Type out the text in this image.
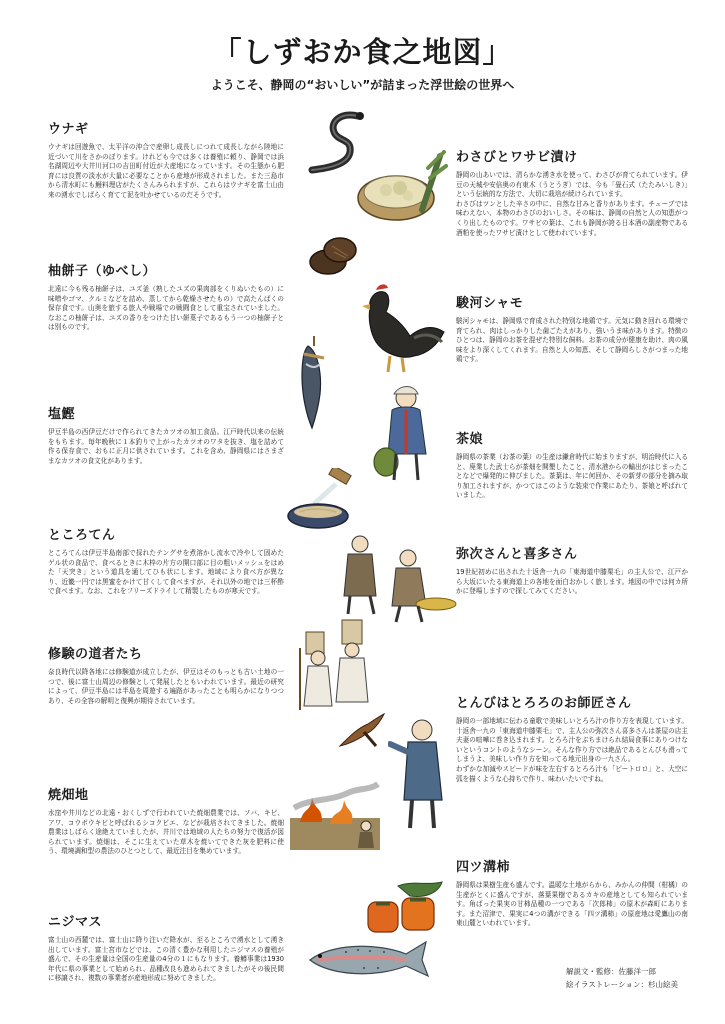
「しずおか食之地図」
ようこそ、静岡の“おいしい”が詰まった浮世絵の世界へ
ウナギ

ウナギは回遊魚で、太平洋の沖合で産卵し成長しにつれて成長しながら陸地に近づいて川をさかのぼります。けれども今では多くは養殖に頼り、静岡では浜名湖周辺や大井川河口の吉田町付近が大産地になっています。その生態から肥育には良質の淡水が大量に必要なことから産地が形成されました。また三島市から清水町にも鰻料理店がたくさんみられますが、これらはウナギを富士山由来の湧水でしばらく育てて泥を吐かせているのだそうです。

柚餅子（ゆべし）

北遠に今も残る柚餅子は、ユズ釜（熟したユズの果肉部をくりぬいたもの）に味噌やゴマ、クルミなどを詰め、蒸してから乾燥させたもの）で高たんぱくの保存食です。山奥を旅する旅人や戦場での戦闘食として重宝されていました。なおこの柚餅子は、ユズの香りをつけた甘い餅菓子であるもう一つの柚餅子とは別ものです。

塩鰹

伊豆半島の西伊豆だけで作られてきたカツオの加工食品。江戸時代以来の伝統をもちます。毎年晩秋に１本釣りで上がったカツオのワタを抜き、塩を詰めて作る保存食で、おもに正月に供されています。これを含め、静岡県にはさまざまなカツオの食文化があります。

ところてん

ところてんは伊豆半島南部で採れたテングサを煮溶かし流水で冷やして固めたゲル状の食品で、食べるときに木枠の片方の開口部に目の粗いメッシュをはめた「天突き」という道具を通してひも状にします。地域により食べ方が異なり、近畿一円では黒蜜をかけて甘くして食べますが、それ以外の地では三杯酢で食べます。なお、これをフリーズドライして精製したものが寒天です。

修験の道者たち

奈良時代以降各地には修験道が成立したが、伊豆はそのもっとも古い土地の一つで、後に富士山周辺の修験として発展したともいわれています。最近の研究によって、伊豆半島には半島を周遊する遍路があったことも明らかになりつつあり、その全容の解明と復興が期待されています。

焼畑地

水窪や井川などの北遠・おくしずで行われていた焼畑農業では、ソバ、キビ、アワ、コウボウキビと呼ばれるシコクビエ、などが栽培されてきました。焼畑農業はしばらく途絶えていましたが、井川では地域の人たちの努力で復活が図られています。焼畑は、そこに生えていた草木を焼いてできた灰を肥料に使う、環境調和型の農法のひとつとして、最近注目を集めています。

ニジマス

富士山の西麓では、富士山に降り注いだ降水が、至るところで湧水として湧き出しています。富士宮市などでは、この清く豊かな利用したニジマスの養殖が盛んで、その生産量は全国の生産量の4分の１にもなります。養鱒事業は1930年代に県の事業として始められ、品種改良も進められてきましたがその後民間に移譲され、複数の事業者が産地形成に努めてきました。

わさびとワサビ漬け

静岡の山あいでは、清らかな湧き水を使って、わさびが育てられています。伊豆の天城や安倍奥の有東木（うとうぎ）では、今も「畳石式（たたみいしき）」という伝統的な方法で、大切に栽培が続けられています。

わさびはツンとした辛さの中に、自然な甘みと香りがあります。チューブでは味わえない、本物のわさびのおいしさ。その味は、静岡の自然と人の知恵がつくり出したものです。ワサビの葉は、これも静岡が誇る日本酒の副産物である酒粕を使ったワサビ漬けとして使われています。

駿河シャモ

駿河シャモは、静岡県で育成された特別な地鶏です。元気に動き回れる環境で育てられ、肉はしっかりした歯ごたえがあり、強いうま味があります。特徴のひとつは、静岡のお茶を混ぜた特別な飼料。お茶の成分が健康を助け、肉の風味をより深くしてくれます。自然と人の知恵、そして静岡らしさがつまった地鶏です。

茶娘

静岡県の茶業（お茶の葉）の生産は鎌倉時代に始まりますが、明治時代に入ると、廃業した武士らが茶畑を開墾したこと、清水港からの輸出がはじまったことなどで爆発的に伸びました。茶葉は、年に何回か、その新芽の部分を摘み取り加工されますが、かつてはこのような装束で作業にあたり、茶娘と呼ばれていました。

弥次さんと喜多さん

19世紀初めに出された十返舎一九の「東海道中膝栗毛」の主人公で、江戸から大坂にいたる東海道上の各地を面白おかしく旅します。地図の中では何カ所かに登場しますので探してみてください。

とんびはとろろのお師匠さん

静岡の一部地域に伝わる童歌で美味しいとろろ汁の作り方を表現しています。十返舎一九の「東海道中膝栗毛」で、主人公の弥次さん喜多さんは茶屋の店主夫妻の喧嘩に巻き込まれます。とろろ汁をぶちまけられ結局食事にありつけないというコントのようなシーン。そんな作り方では絶品であるとんびも滑ってしまうよ、美味しい作り方を知ってる地元出身の一九さん。

わずかな加減やスピードが味を左右するとろろ汁も「ピートロロ」と、大空に弧を描くような心持ちで作り、味わいたいですね。

四ツ溝柿

静岡県は果樹生産も盛んです。温暖な土地がらから、みかんの仲間（柑橘）の生産がとくに盛んですが、落葉果樹であるカキの産地としても知られています。角ばった果実の甘柿品種の一つである「次郎柿」の原木が森町にあります。また沼津で、果実に4つの溝ができる「四ツ溝柿」の原産地は愛鷹山の南東山麓といわれています。

解説文・監修：佐藤洋一郎
絵イラストレーション：杉山絵美
